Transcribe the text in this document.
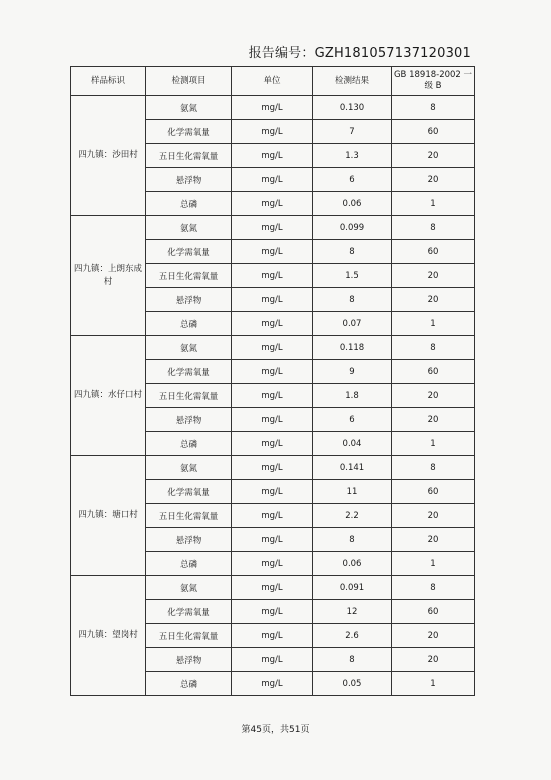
报告编号：GZH181057137120301
样品标识	检测项目	单位	检测结果	GB 18918-2002 一级 B
四九镇：沙田村	氨氮	mg/L	0.130	8
	化学需氧量	mg/L	7	60
	五日生化需氧量	mg/L	1.3	20
	悬浮物	mg/L	6	20
	总磷	mg/L	0.06	1
四九镇：上朗东成村	氨氮	mg/L	0.099	8
	化学需氧量	mg/L	8	60
	五日生化需氧量	mg/L	1.5	20
	悬浮物	mg/L	8	20
	总磷	mg/L	0.07	1
四九镇：水仔口村	氨氮	mg/L	0.118	8
	化学需氧量	mg/L	9	60
	五日生化需氧量	mg/L	1.8	20
	悬浮物	mg/L	6	20
	总磷	mg/L	0.04	1
四九镇：塘口村	氨氮	mg/L	0.141	8
	化学需氧量	mg/L	11	60
	五日生化需氧量	mg/L	2.2	20
	悬浮物	mg/L	8	20
	总磷	mg/L	0.06	1
四九镇：望岗村	氨氮	mg/L	0.091	8
	化学需氧量	mg/L	12	60
	五日生化需氧量	mg/L	2.6	20
	悬浮物	mg/L	8	20
	总磷	mg/L	0.05	1
第45页，共51页
